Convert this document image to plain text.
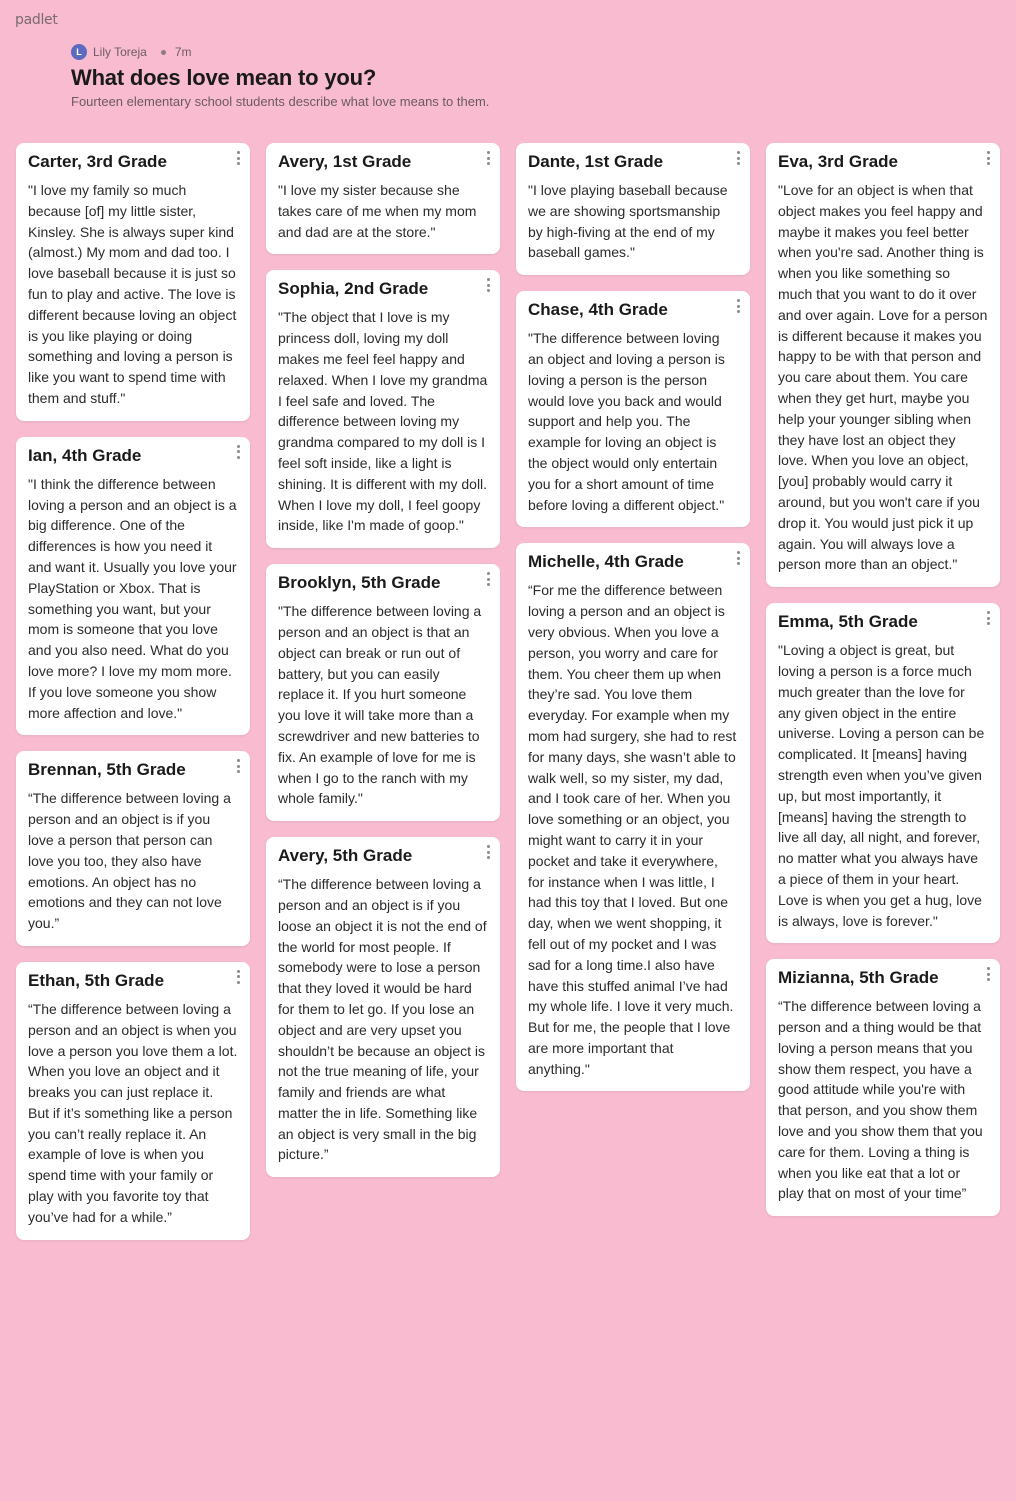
padlet
L Lily Toreja 7m
What does love mean to you?
Fourteen elementary school students describe what love means to them.
Carter, 3rd Grade
"I love my family so much because [of] my little sister, Kinsley. She is always super kind (almost.) My mom and dad too. I love baseball because it is just so fun to play and active. The love is different because loving an object is you like playing or doing something and loving a person is like you want to spend time with them and stuff."
Ian, 4th Grade
"I think the difference between loving a person and an object is a big difference. One of the differences is how you need it and want it. Usually you love your PlayStation or Xbox. That is something you want, but your mom is someone that you love and you also need. What do you love more? I love my mom more. If you love someone you show more affection and love."
Brennan, 5th Grade
“The difference between loving a person and an object is if you love a person that person can love you too, they also have emotions. An object has no emotions and they can not love you.”
Ethan, 5th Grade
“The difference between loving a person and an object is when you love a person you love them a lot. When you love an object and it breaks you can just replace it. But if it’s something like a person you can’t really replace it. An example of love is when you spend time with your family or play with you favorite toy that you’ve had for a while.”
Avery, 1st Grade
"I love my sister because she takes care of me when my mom and dad are at the store."
Sophia, 2nd Grade
"The object that I love is my princess doll, loving my doll makes me feel feel happy and relaxed. When I love my grandma I feel safe and loved. The difference between loving my grandma compared to my doll is I feel soft inside, like a light is shining. It is different with my doll. When I love my doll, I feel goopy inside, like I'm made of goop."
Brooklyn, 5th Grade
"The difference between loving a person and an object is that an object can break or run out of battery, but you can easily replace it. If you hurt someone you love it will take more than a screwdriver and new batteries to fix. An example of love for me is when I go to the ranch with my whole family."
Avery, 5th Grade
“The difference between loving a person and an object is if you loose an object it is not the end of the world for most people. If somebody were to lose a person that they loved it would be hard for them to let go. If you lose an object and are very upset you shouldn’t be because an object is not the true meaning of life, your family and friends are what matter the in life. Something like an object is very small in the big picture.”
Dante, 1st Grade
"I love playing baseball because we are showing sportsmanship by high-fiving at the end of my baseball games."
Chase, 4th Grade
"The difference between loving an object and loving a person is loving a person is the person would love you back and would support and help you. The example for loving an object is the object would only entertain you for a short amount of time before loving a different object."
Michelle, 4th Grade
“For me the difference between loving a person and an object is very obvious. When you love a person, you worry and care for them. You cheer them up when they’re sad. You love them everyday. For example when my mom had surgery, she had to rest for many days, she wasn’t able to walk well, so my sister, my dad, and I took care of her. When you love something or an object, you might want to carry it in your pocket and take it everywhere, for instance when I was little, I had this toy that I loved. But one day, when we went shopping, it fell out of my pocket and I was sad for a long time.I also have have this stuffed animal I’ve had my whole life. I love it very much. But for me, the people that I love are more important that anything."
Eva, 3rd Grade
"Love for an object is when that object makes you feel happy and maybe it makes you feel better when you're sad. Another thing is when you like something so much that you want to do it over and over again. Love for a person is different because it makes you happy to be with that person and you care about them. You care when they get hurt, maybe you help your younger sibling when they have lost an object they love. When you love an object, [you] probably would carry it around, but you won't care if you drop it. You would just pick it up again. You will always love a person more than an object."
Emma, 5th Grade
"Loving a object is great, but loving a person is a force much much greater than the love for any given object in the entire universe. Loving a person can be complicated. It [means] having strength even when you’ve given up, but most importantly, it [means] having the strength to live all day, all night, and forever, no matter what you always have a piece of them in your heart. Love is when you get a hug, love is always, love is forever."
Mizianna, 5th Grade
“The difference between loving a person and a thing would be that loving a person means that you show them respect, you have a good attitude while you're with that person, and you show them love and you show them that you care for them. Loving a thing is when you like eat that a lot or play that on most of your time”
